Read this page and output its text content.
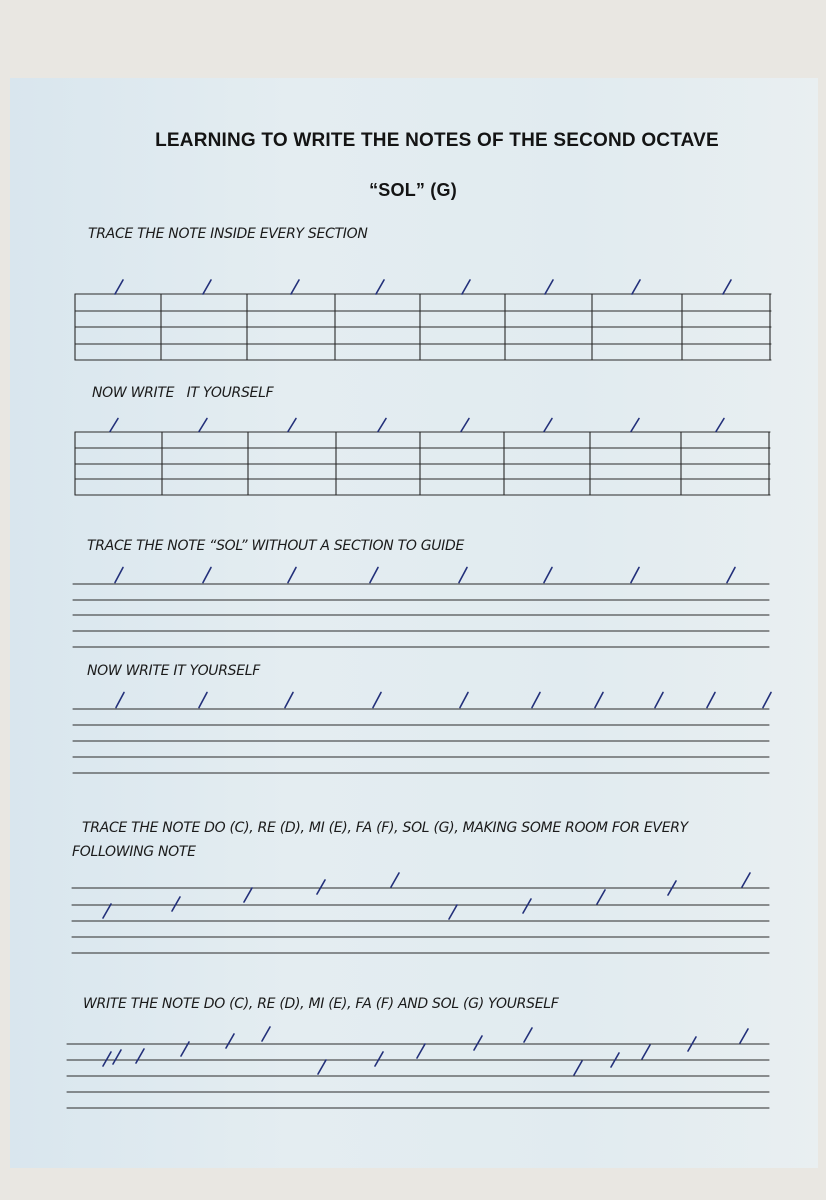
LEARNING TO WRITE THE NOTES OF THE SECOND OCTAVE
“SOL” (G)
TRACE THE NOTE INSIDE EVERY SECTION
NOW WRITE   IT YOURSELF
TRACE THE NOTE “SOL” WITHOUT A SECTION TO GUIDE
NOW WRITE IT YOURSELF
TRACE THE NOTE DO (C), RE (D), MI (E), FA (F), SOL (G), MAKING SOME ROOM FOR EVERY FOLLOWING NOTE
WRITE THE NOTE DO (C), RE (D), MI (E), FA (F) AND SOL (G) YOURSELF
